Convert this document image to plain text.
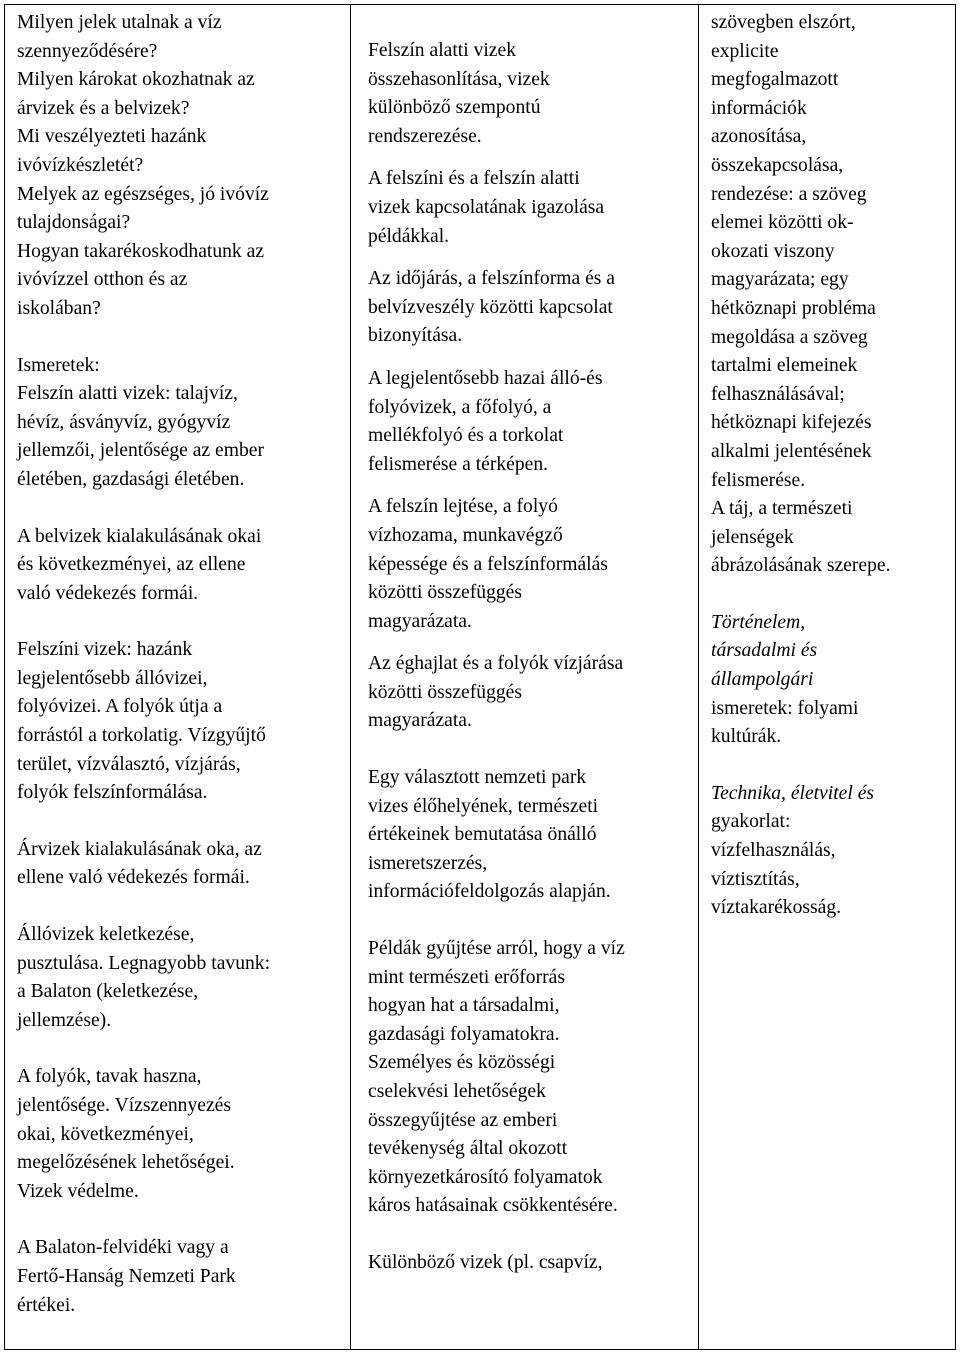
Milyen jelek utalnak a víz
szennyeződésére?
Milyen károkat okozhatnak az
árvizek és a belvizek?
Mi veszélyezteti hazánk
ivóvízkészletét?
Melyek az egészséges, jó ivóvíz
tulajdonságai?
Hogyan takarékoskodhatunk az
ivóvízzel otthon és az
iskolában?

Ismeretek:

Felszín alatti vizek: talajvíz,
hévíz, ásványvíz, gyógyvíz
jellemzői, jelentősége az ember
életében, gazdasági életében.

A belvizek kialakulásának okai
és következményei, az ellene
való védekezés formái.

Felszíni vizek: hazánk
legjelentősebb állóvizei,
folyóvizei. A folyók útja a
forrástól a torkolatig. Vízgyűjtő
terület, vízválasztó, vízjárás,
folyók felszínformálása.

Árvizek kialakulásának oka, az
ellene való védekezés formái.

Állóvizek keletkezése,
pusztulása. Legnagyobb tavunk:
a Balaton (keletkezése,
jellemzése).

A folyók, tavak haszna,
jelentősége. Vízszennyezés
okai, következményei,
megelőzésének lehetőségei.
Vizek védelme.

A Balaton-felvidéki vagy a
Fertő-Hanság Nemzeti Park
értékei.

Felszín alatti vizek
összehasonlítása, vizek
különböző szempontú
rendszerezése.

A felszíni és a felszín alatti
vizek kapcsolatának igazolása
példákkal.

Az időjárás, a felszínforma és a
belvízveszély közötti kapcsolat
bizonyítása.

A legjelentősebb hazai álló-és
folyóvizek, a főfolyó, a
mellékfolyó és a torkolat
felismerése a térképen.

A felszín lejtése, a folyó
vízhozama, munkavégző
képessége és a felszínformálás
közötti összefüggés
magyarázata.

Az éghajlat és a folyók vízjárása
közötti összefüggés
magyarázata.

Egy választott nemzeti park
vizes élőhelyének, természeti
értékeinek bemutatása önálló
ismeretszerzés,
információfeldolgozás alapján.

Példák gyűjtése arról, hogy a víz
mint természeti erőforrás
hogyan hat a társadalmi,
gazdasági folyamatokra.
Személyes és közösségi
cselekvési lehetőségek
összegyűjtése az emberi
tevékenység által okozott
környezetkárosító folyamatok
káros hatásainak csökkentésére.

Különböző vizek (pl. csapvíz,

szövegben elszórt,
explicite
megfogalmazott
információk
azonosítása,
összekapcsolása,
rendezése: a szöveg
elemei közötti ok-
okozati viszony
magyarázata; egy
hétköznapi probléma
megoldása a szöveg
tartalmi elemeinek
felhasználásával;
hétköznapi kifejezés
alkalmi jelentésének
felismerése.
A táj, a természeti
jelenségek
ábrázolásának szerepe.

Történelem,
társadalmi és
állampolgári

ismeretek: folyami
kultúrák.

Technika, életvitel és

gyakorlat:
vízfelhasználás,
víztisztítás,
víztakarékosság.
